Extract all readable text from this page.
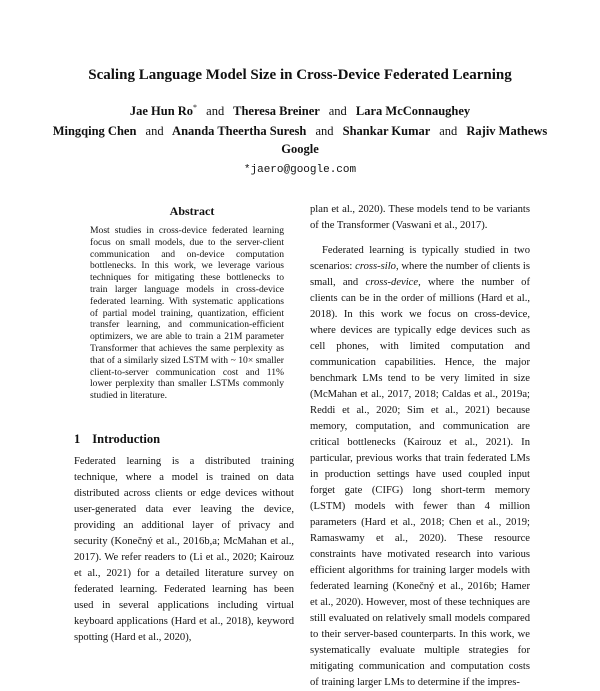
Scaling Language Model Size in Cross-Device Federated Learning
Jae Hun Ro* and Theresa Breiner and Lara McConnaughey
Mingqing Chen and Ananda Theertha Suresh and Shankar Kumar and Rajiv Mathews
Google
*jaero@google.com
Abstract

Most studies in cross-device federated learning focus on small models, due to the server-client communication and on-device computation bottlenecks. In this work, we leverage various techniques for mitigating these bottlenecks to train larger language models in cross-device federated learning. With systematic applications of partial model training, quantization, efficient transfer learning, and communication-efficient optimizers, we are able to train a 21M parameter Transformer that achieves the same perplexity as that of a similarly sized LSTM with ~ 10× smaller client-to-server communication cost and 11% lower perplexity than smaller LSTMs commonly studied in literature.

1 Introduction

Federated learning is a distributed training technique, where a model is trained on data distributed across clients or edge devices without user-generated data ever leaving the device, providing an additional layer of privacy and security (Konečný et al., 2016b,a; McMahan et al., 2017). We refer readers to (Li et al., 2020; Kairouz et al., 2021) for a detailed literature survey on federated learning. Federated learning has been used in several applications including virtual keyboard applications (Hard et al., 2018), keyword spotting (Hard et al., 2020),

plan et al., 2020). These models tend to be variants of the Transformer (Vaswani et al., 2017).

Federated learning is typically studied in two scenarios: cross-silo, where the number of clients is small, and cross-device, where the number of clients can be in the order of millions (Hard et al., 2018). In this work we focus on cross-device, where devices are typically edge devices such as cell phones, with limited computation and communication capabilities. Hence, the major benchmark LMs tend to be very limited in size (McMahan et al., 2017, 2018; Caldas et al., 2019a; Reddi et al., 2020; Sim et al., 2021) because memory, computation, and communication are critical bottlenecks (Kairouz et al., 2021). In particular, previous works that train federated LMs in production settings have used coupled input forget gate (CIFG) long short-term memory (LSTM) models with fewer than 4 million parameters (Hard et al., 2018; Chen et al., 2019; Ramaswamy et al., 2020). These resource constraints have motivated research into various efficient algorithms for training larger models with federated learning (Konečný et al., 2016b; Hamer et al., 2020). However, most of these techniques are still evaluated on relatively small models compared to their server-based counterparts. In this work, we systematically evaluate multiple strategies for mitigating communication and computation costs of training larger LMs to determine if the impres-
